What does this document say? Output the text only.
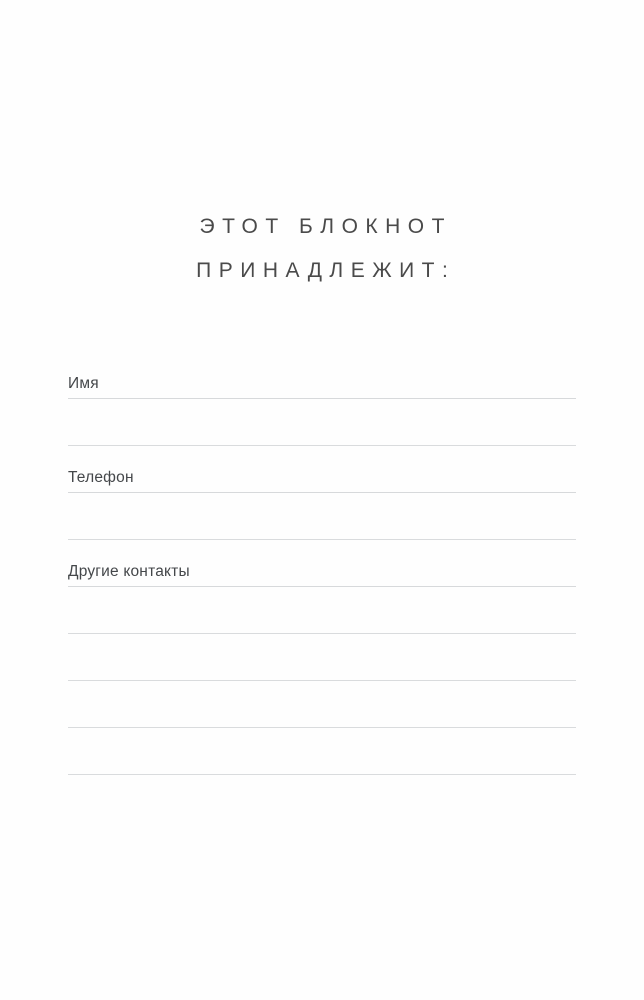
ЭТОТ БЛОКНОТ
ПРИНАДЛЕЖИТ:
Имя
Телефон
Другие контакты
